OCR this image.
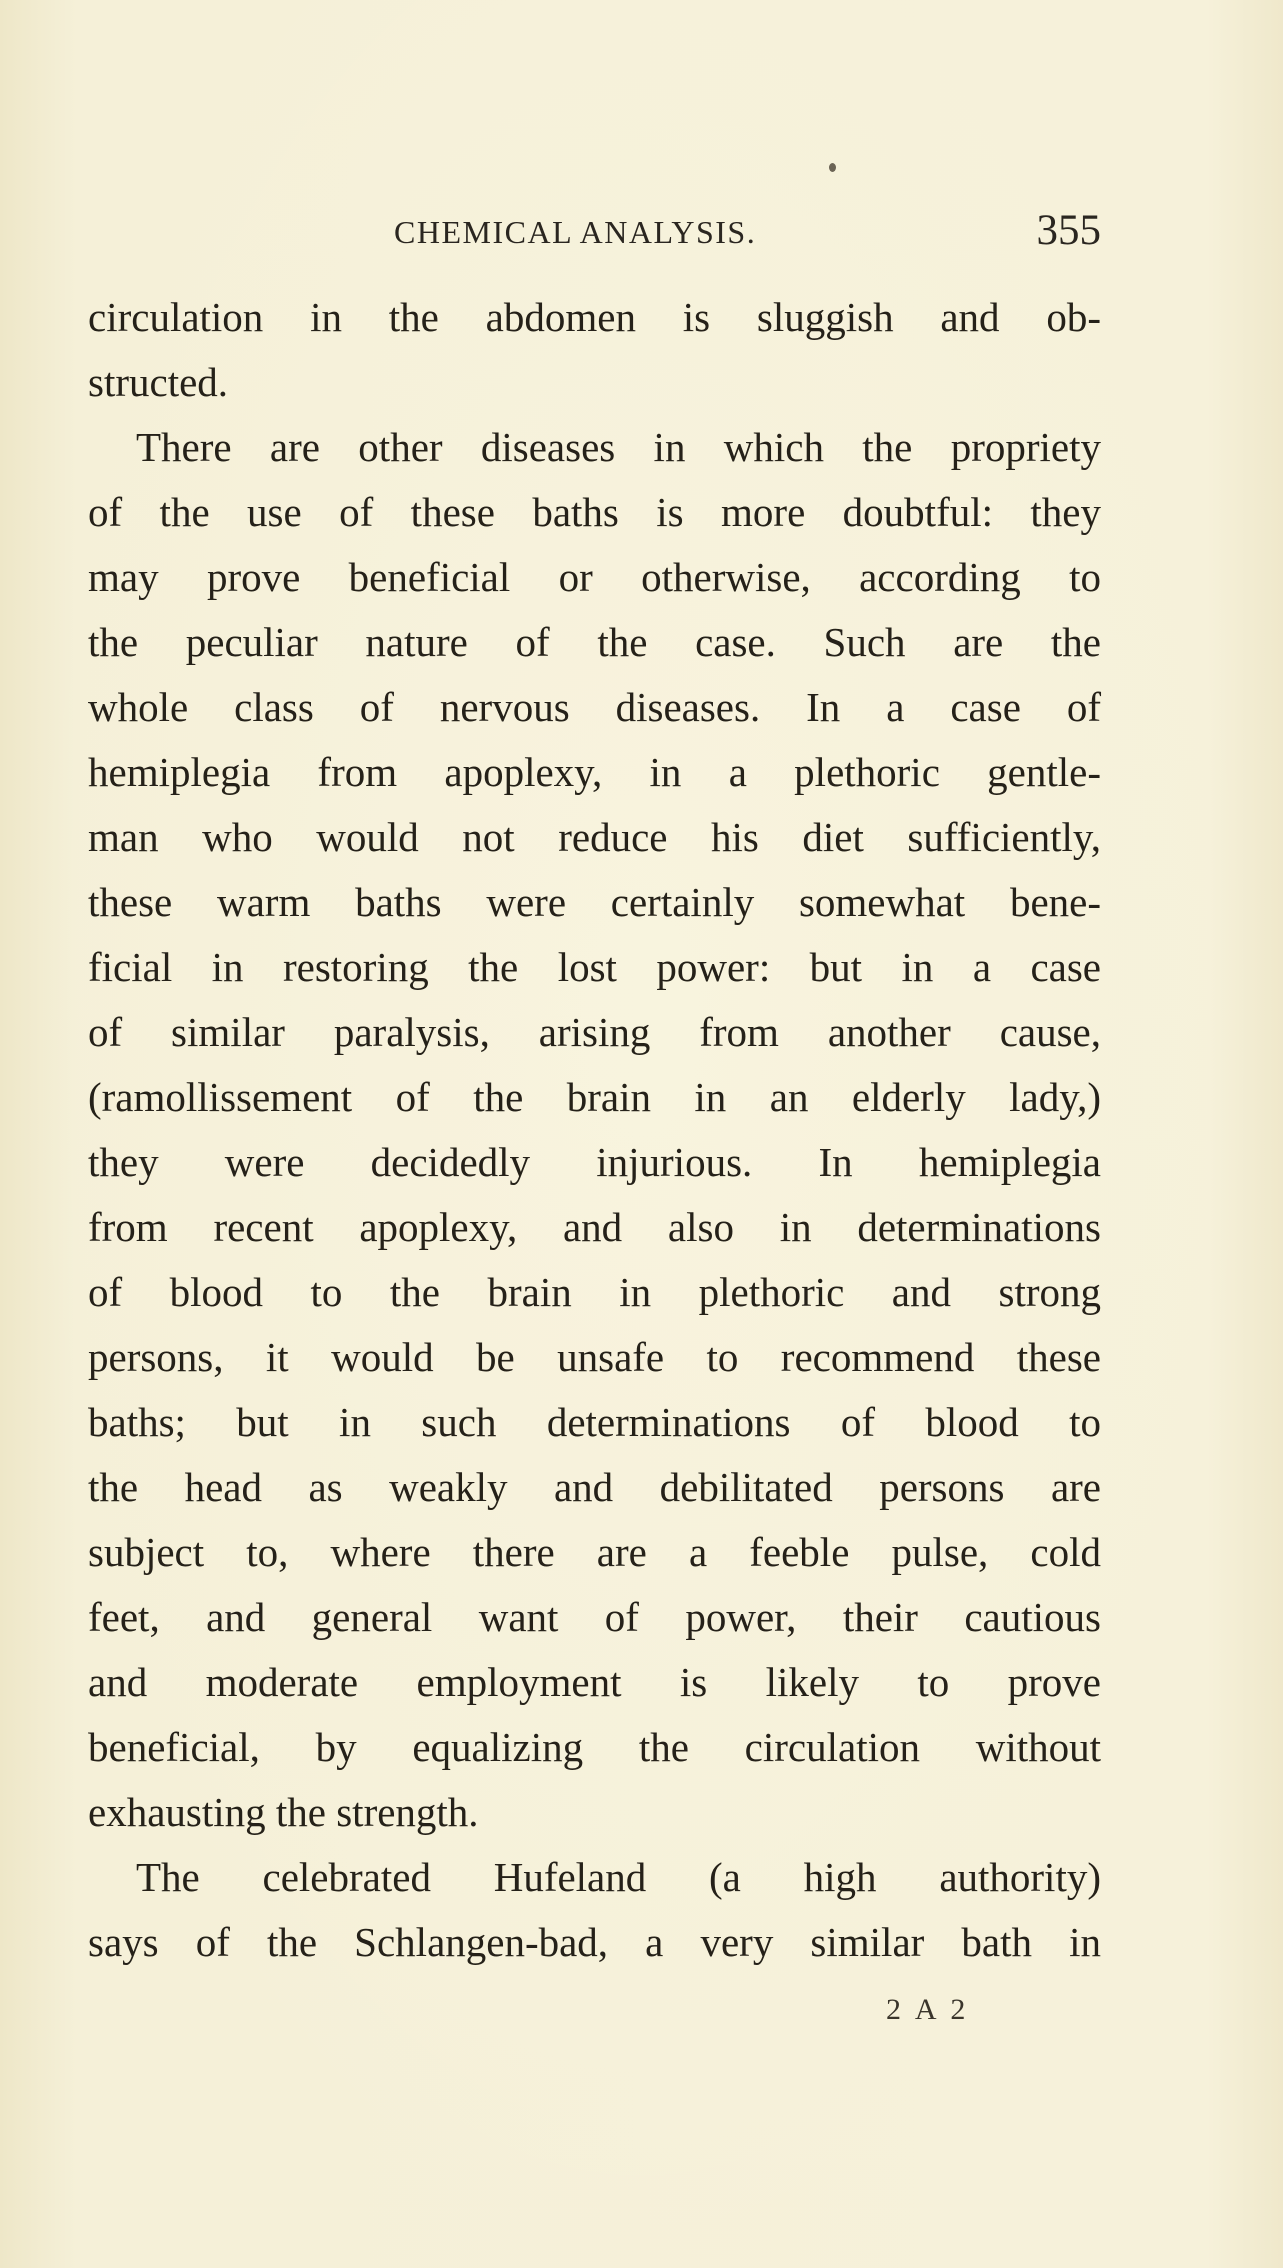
CHEMICAL ANALYSIS.	355
circulation in the abdomen is sluggish and ob-
structed.
There are other diseases in which the propriety
of the use of these baths is more doubtful: they
may prove beneficial or otherwise, according to
the peculiar nature of the case. Such are the
whole class of nervous diseases. In a case of
hemiplegia from apoplexy, in a plethoric gentle-
man who would not reduce his diet sufficiently,
these warm baths were certainly somewhat bene-
ficial in restoring the lost power: but in a case
of similar paralysis, arising from another cause,
(ramollissement of the brain in an elderly lady,)
they were decidedly injurious. In hemiplegia
from recent apoplexy, and also in determinations
of blood to the brain in plethoric and strong
persons, it would be unsafe to recommend these
baths; but in such determinations of blood to
the head as weakly and debilitated persons are
subject to, where there are a feeble pulse, cold
feet, and general want of power, their cautious
and moderate employment is likely to prove
beneficial, by equalizing the circulation without
exhausting the strength.
The celebrated Hufeland (a high authority)
says of the Schlangen-bad, a very similar bath in
2 A 2
